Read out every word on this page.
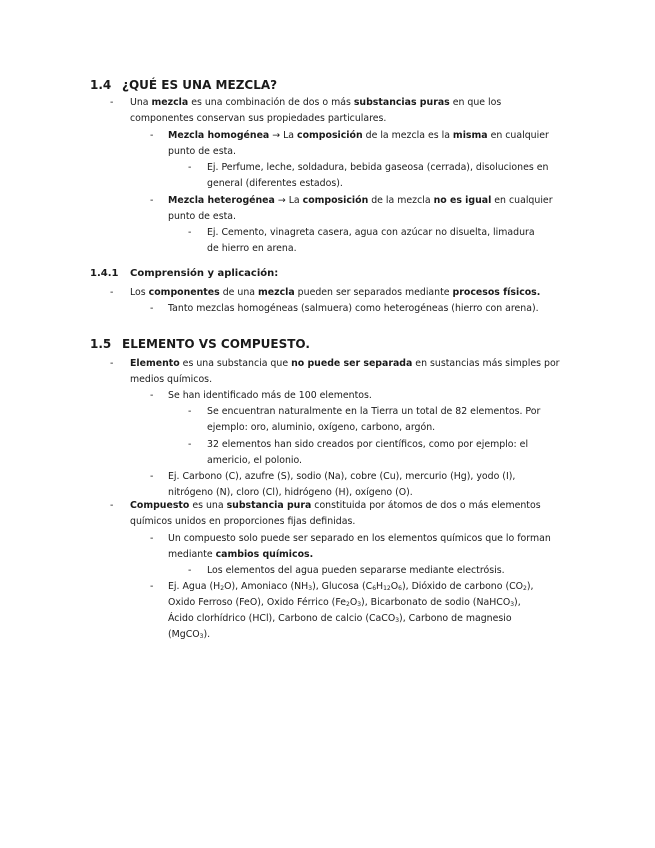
1.4 ¿QUÉ ES UNA MEZCLA?
- Una mezcla es una combinación de dos o más substancias puras en que los
componentes conservan sus propiedades particulares.
- Mezcla homogénea → La composición de la mezcla es la misma en cualquier
punto de esta.
- Ej. Perfume, leche, soldadura, bebida gaseosa (cerrada), disoluciones en
general (diferentes estados).
- Mezcla heterogénea → La composición de la mezcla no es igual en cualquier
punto de esta.
- Ej. Cemento, vinagreta casera, agua con azúcar no disuelta, limadura
de hierro en arena.
1.4.1 Comprensión y aplicación:
- Los componentes de una mezcla pueden ser separados mediante procesos físicos.
- Tanto mezclas homogéneas (salmuera) como heterogéneas (hierro con arena).
1.5 ELEMENTO VS COMPUESTO.
- Elemento es una substancia que no puede ser separada en sustancias más simples por
medios químicos.
- Se han identificado más de 100 elementos.
- Se encuentran naturalmente en la Tierra un total de 82 elementos. Por
ejemplo: oro, aluminio, oxígeno, carbono, argón.
- 32 elementos han sido creados por científicos, como por ejemplo: el
americio, el polonio.
- Ej. Carbono (C), azufre (S), sodio (Na), cobre (Cu), mercurio (Hg), yodo (I),
nitrógeno (N), cloro (Cl), hidrógeno (H), oxígeno (O).
- Compuesto es una substancia pura constituida por átomos de dos o más elementos
químicos unidos en proporciones fijas definidas.
- Un compuesto solo puede ser separado en los elementos químicos que lo forman
mediante cambios químicos.
- Los elementos del agua pueden separarse mediante electrósis.
- Ej. Agua $(H_2O)$, Amoniaco $(NH_3)$, Glucosa $(C_6H_{12}O_6)$, Dióxido de carbono $(CO_2)$,
Oxido Ferroso (FeO), Oxido Férrico $(Fe_2O_3)$, Bicarbonato de sodio (NaHCO$_3$),
Ácido clorhídrico (HCl), Carbono de calcio (CaCO$_3$), Carbono de magnesio
(MgCO$_3$).
